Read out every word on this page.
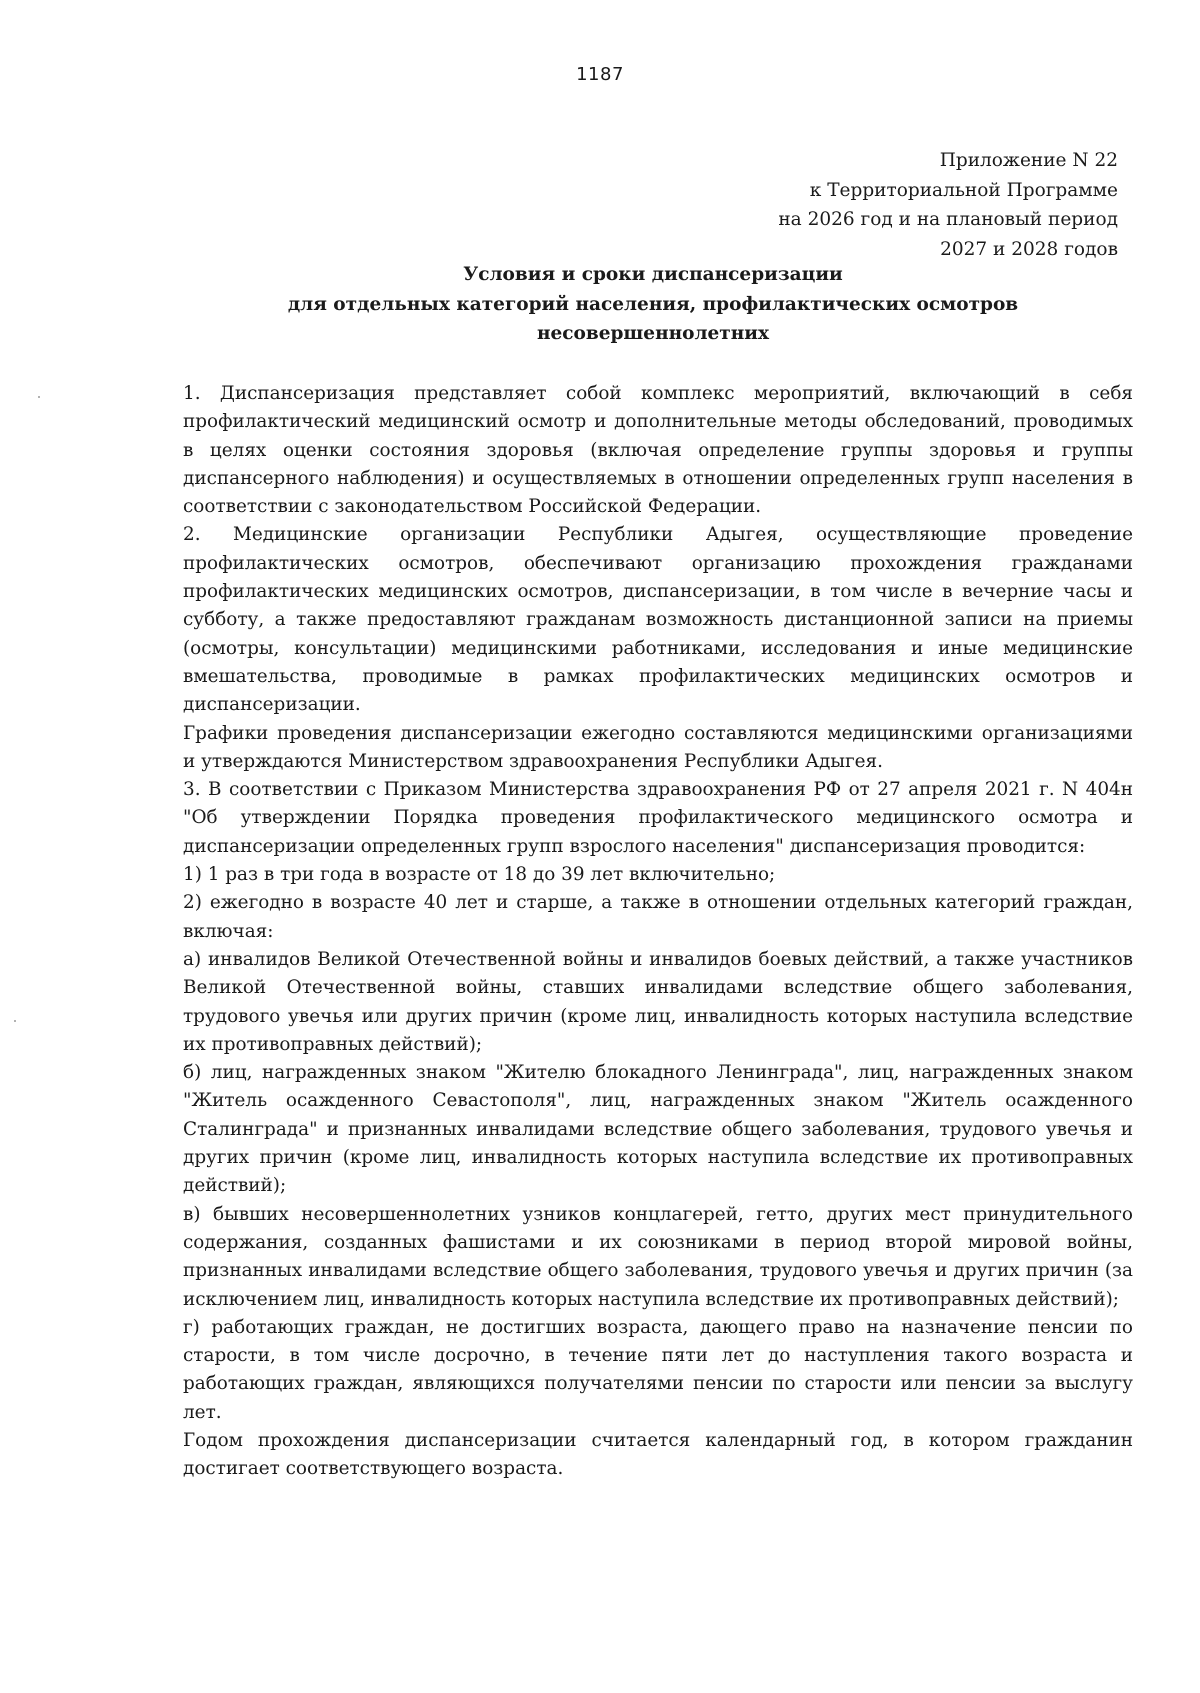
1187
Приложение N 22
к Территориальной Программе
на 2026 год и на плановый период
2027 и 2028 годов
Условия и сроки диспансеризации
для отдельных категорий населения, профилактических осмотров
несовершеннолетних

1. Диспансеризация представляет собой комплекс мероприятий, включающий в себя профилактический медицинский осмотр и дополнительные методы обследований, проводимых в целях оценки состояния здоровья (включая определение группы здоровья и группы диспансерного наблюдения) и осуществляемых в отношении определенных групп населения в соответствии с законодательством Российской Федерации.

2. Медицинские организации Республики Адыгея, осуществляющие проведение профилактических осмотров, обеспечивают организацию прохождения гражданами профилактических медицинских осмотров, диспансеризации, в том числе в вечерние часы и субботу, а также предоставляют гражданам возможность дистанционной записи на приемы (осмотры, консультации) медицинскими работниками, исследования и иные медицинские вмешательства, проводимые в рамках профилактических медицинских осмотров и диспансеризации.

Графики проведения диспансеризации ежегодно составляются медицинскими организациями и утверждаются Министерством здравоохранения Республики Адыгея.

3. В соответствии с Приказом Министерства здравоохранения РФ от 27 апреля 2021 г. N 404н "Об утверждении Порядка проведения профилактического медицинского осмотра и диспансеризации определенных групп взрослого населения" диспансеризация проводится:

1) 1 раз в три года в возрасте от 18 до 39 лет включительно;

2) ежегодно в возрасте 40 лет и старше, а также в отношении отдельных категорий граждан, включая:

а) инвалидов Великой Отечественной войны и инвалидов боевых действий, а также участников Великой Отечественной войны, ставших инвалидами вследствие общего заболевания, трудового увечья или других причин (кроме лиц, инвалидность которых наступила вследствие их противоправных действий);

б) лиц, награжденных знаком "Жителю блокадного Ленинграда", лиц, награжденных знаком "Житель осажденного Севастополя", лиц, награжденных знаком "Житель осажденного Сталинграда" и признанных инвалидами вследствие общего заболевания, трудового увечья и других причин (кроме лиц, инвалидность которых наступила вследствие их противоправных действий);

в) бывших несовершеннолетних узников концлагерей, гетто, других мест принудительного содержания, созданных фашистами и их союзниками в период второй мировой войны, признанных инвалидами вследствие общего заболевания, трудового увечья и других причин (за исключением лиц, инвалидность которых наступила вследствие их противоправных действий);

г) работающих граждан, не достигших возраста, дающего право на назначение пенсии по старости, в том числе досрочно, в течение пяти лет до наступления такого возраста и работающих граждан, являющихся получателями пенсии по старости или пенсии за выслугу лет.

Годом прохождения диспансеризации считается календарный год, в котором гражданин достигает соответствующего возраста.
